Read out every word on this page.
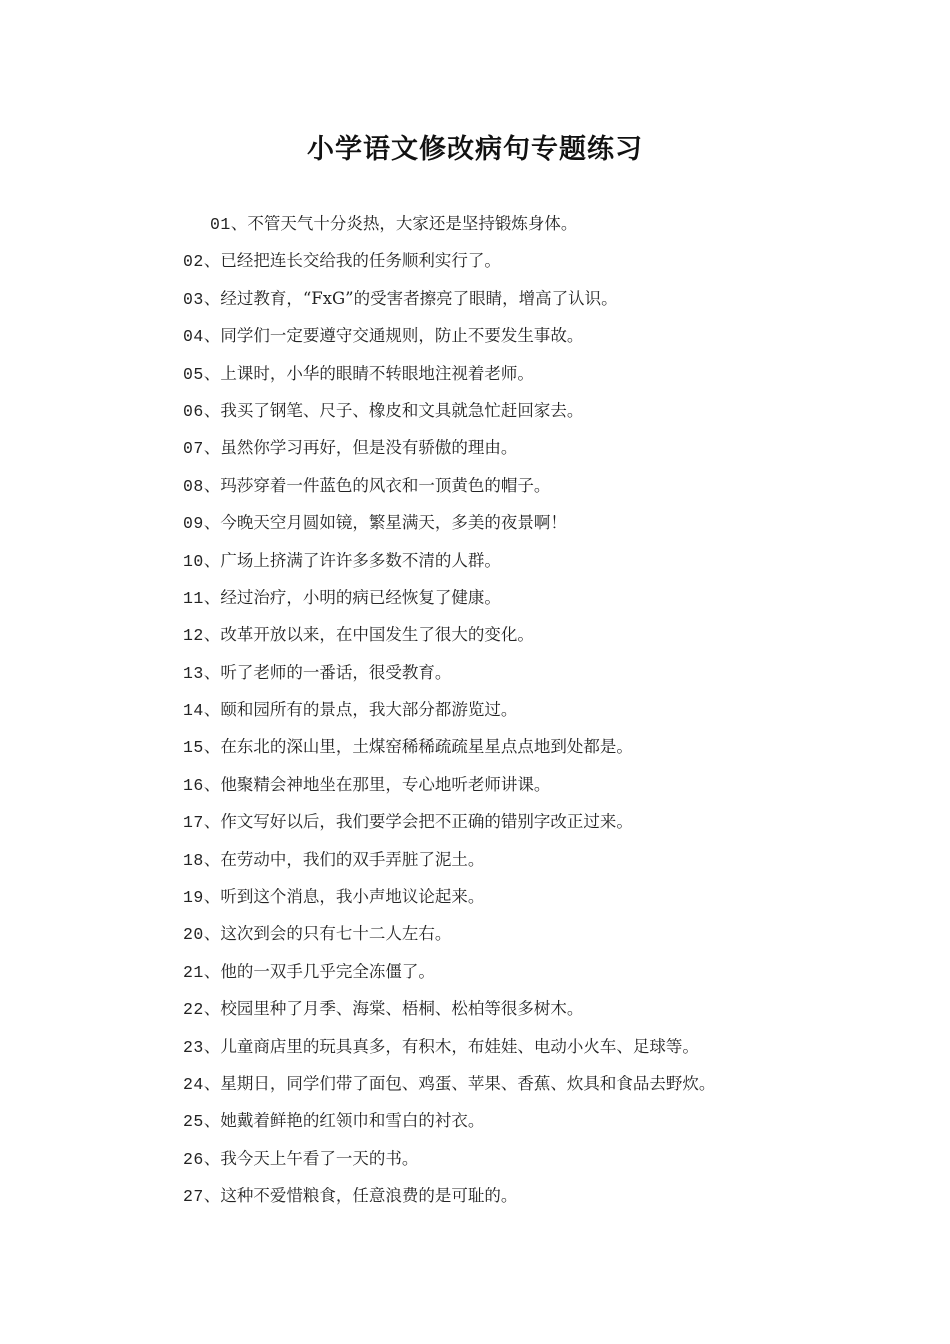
小学语文修改病句专题练习
01、不管天气十分炎热，大家还是坚持锻炼身体。
02、已经把连长交给我的任务顺利实行了。
03、经过教育，“FxG”的受害者擦亮了眼睛，增高了认识。
04、同学们一定要遵守交通规则，防止不要发生事故。
05、上课时，小华的眼睛不转眼地注视着老师。
06、我买了钢笔、尺子、橡皮和文具就急忙赶回家去。
07、虽然你学习再好，但是没有骄傲的理由。
08、玛莎穿着一件蓝色的风衣和一顶黄色的帽子。
09、今晚天空月圆如镜，繁星满天，多美的夜景啊！
10、广场上挤满了许许多多数不清的人群。
11、经过治疗，小明的病已经恢复了健康。
12、改革开放以来，在中国发生了很大的变化。
13、听了老师的一番话，很受教育。
14、颐和园所有的景点，我大部分都游览过。
15、在东北的深山里，土煤窑稀稀疏疏星星点点地到处都是。
16、他聚精会神地坐在那里，专心地听老师讲课。
17、作文写好以后，我们要学会把不正确的错别字改正过来。
18、在劳动中，我们的双手弄脏了泥土。
19、听到这个消息，我小声地议论起来。
20、这次到会的只有七十二人左右。
21、他的一双手几乎完全冻僵了。
22、校园里种了月季、海棠、梧桐、松柏等很多树木。
23、儿童商店里的玩具真多，有积木，布娃娃、电动小火车、足球等。
24、星期日，同学们带了面包、鸡蛋、苹果、香蕉、炊具和食品去野炊。
25、她戴着鲜艳的红领巾和雪白的衬衣。
26、我今天上午看了一天的书。
27、这种不爱惜粮食，任意浪费的是可耻的。
